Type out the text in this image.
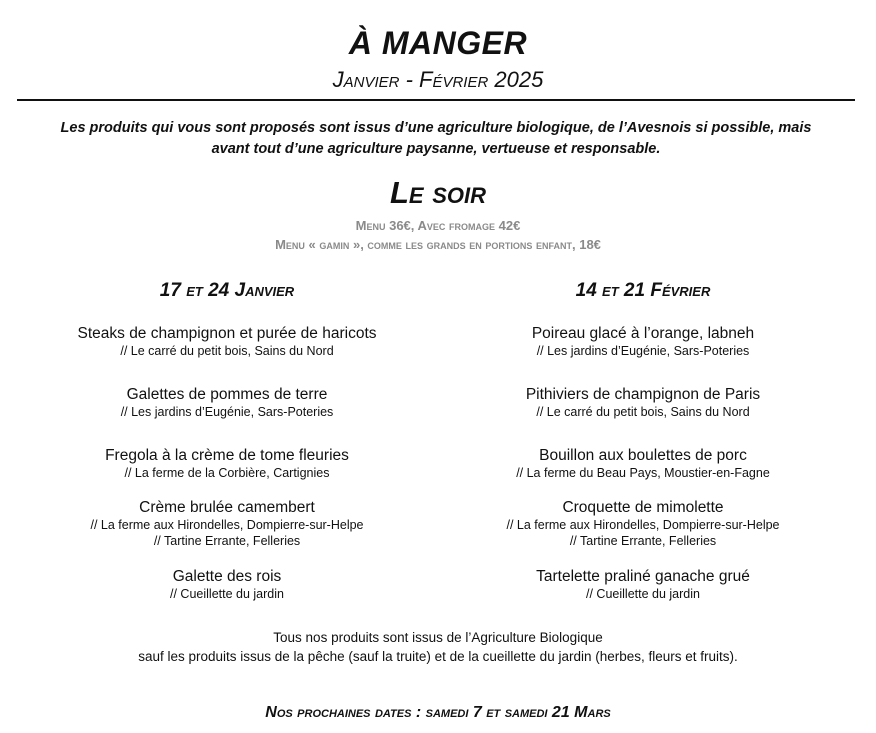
À MANGER
Janvier - Février 2025
Les produits qui vous sont proposés sont issus d’une agriculture biologique, de l’Avesnois si possible, mais
avant tout d’une agriculture paysanne, vertueuse et responsable.
Le soir
Menu 36€, Avec fromage 42€
Menu « gamin », comme les grands en portions enfant, 18€
17 et 24 Janvier
Steaks de champignon et purée de haricots
// Le carré du petit bois, Sains du Nord
Galettes de pommes de terre
// Les jardins d’Eugénie, Sars-Poteries
Fregola à la crème de tome fleuries
// La ferme de la Corbière, Cartignies
Crème brulée camembert
// La ferme aux Hirondelles, Dompierre-sur-Helpe
// Tartine Errante, Felleries
Galette des rois
// Cueillette du jardin
14 et 21 Février
Poireau glacé à l’orange, labneh
// Les jardins d’Eugénie, Sars-Poteries
Pithiviers de champignon de Paris
// Le carré du petit bois, Sains du Nord
Bouillon aux boulettes de porc
// La ferme du Beau Pays, Moustier-en-Fagne
Croquette de mimolette
// La ferme aux Hirondelles, Dompierre-sur-Helpe
// Tartine Errante, Felleries
Tartelette praliné ganache grué
// Cueillette du jardin
Tous nos produits sont issus de l’Agriculture Biologique
sauf les produits issus de la pêche (sauf la truite) et de la cueillette du jardin (herbes, fleurs et fruits).
Nos prochaines dates : samedi 7 et samedi 21 Mars
